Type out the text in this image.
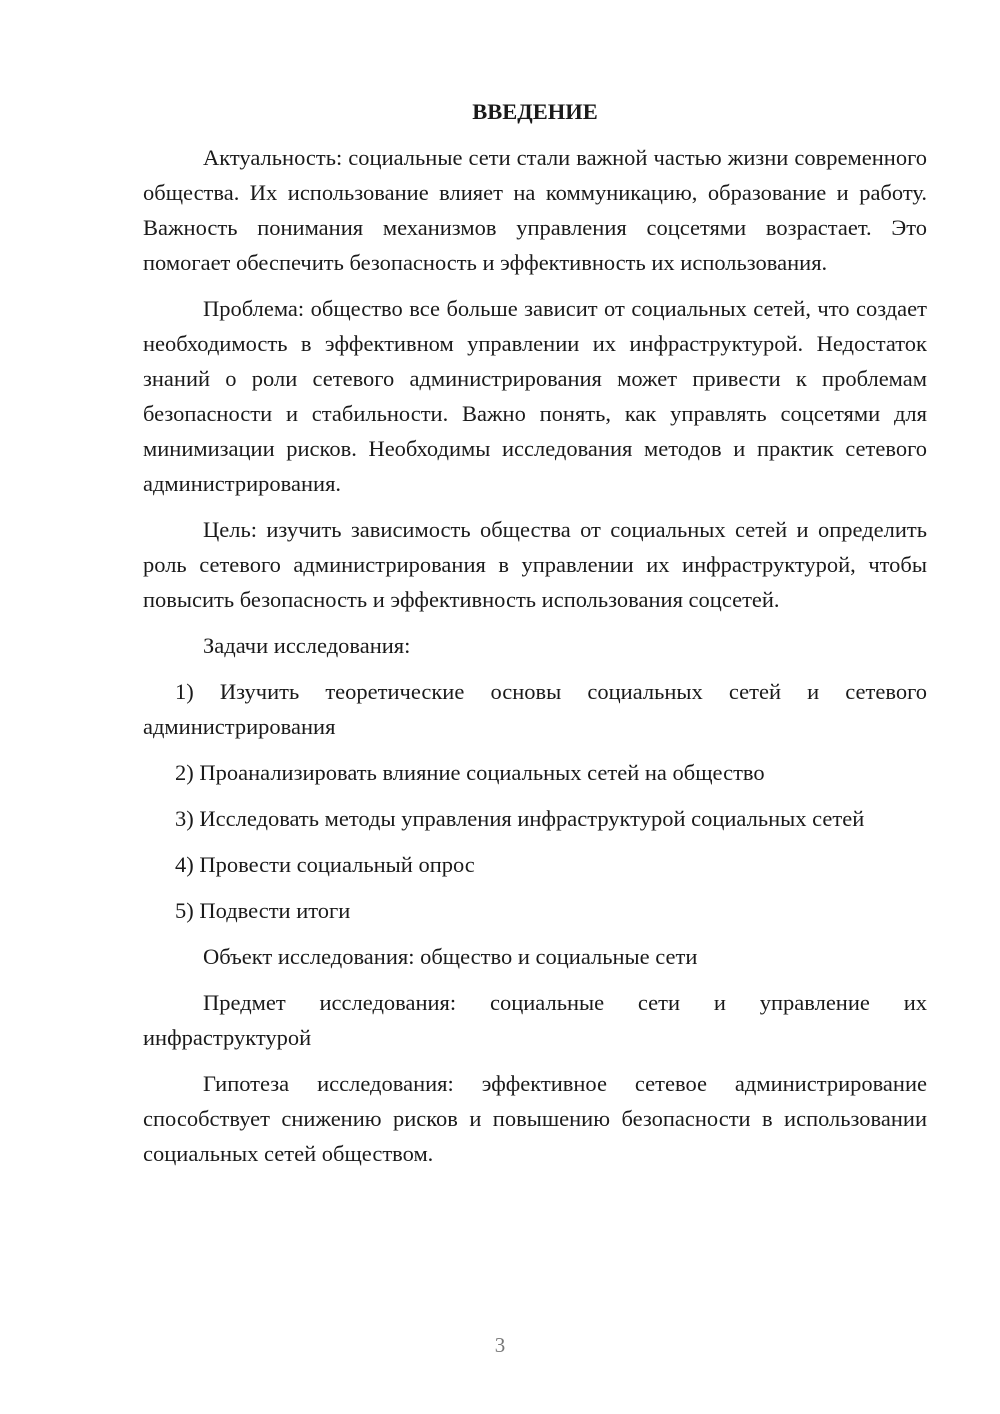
ВВЕДЕНИЕ

Актуальность: социальные сети стали важной частью жизни современного общества. Их использование влияет на коммуникацию, образование и работу. Важность понимания механизмов управления соцсетями возрастает. Это помогает обеспечить безопасность и эффективность их использования.

Проблема: общество все больше зависит от социальных сетей, что создает необходимость в эффективном управлении их инфраструктурой. Недостаток знаний о роли сетевого администрирования может привести к проблемам безопасности и стабильности. Важно понять, как управлять соцсетями для минимизации рисков. Необходимы исследования методов и практик сетевого администрирования.

Цель: изучить зависимость общества от социальных сетей и определить роль сетевого администрирования в управлении их инфраструктурой, чтобы повысить безопасность и эффективность использования соцсетей.

Задачи исследования:

1) Изучить теоретические основы социальных сетей и сетевого администрирования

2) Проанализировать влияние социальных сетей на общество

3) Исследовать методы управления инфраструктурой социальных сетей

4) Провести социальный опрос

5) Подвести итоги

Объект исследования: общество и социальные сети

Предмет исследования: социальные сети и управление их инфраструктурой

Гипотеза исследования: эффективное сетевое администрирование способствует снижению рисков и повышению безопасности в использовании социальных сетей обществом.

3
